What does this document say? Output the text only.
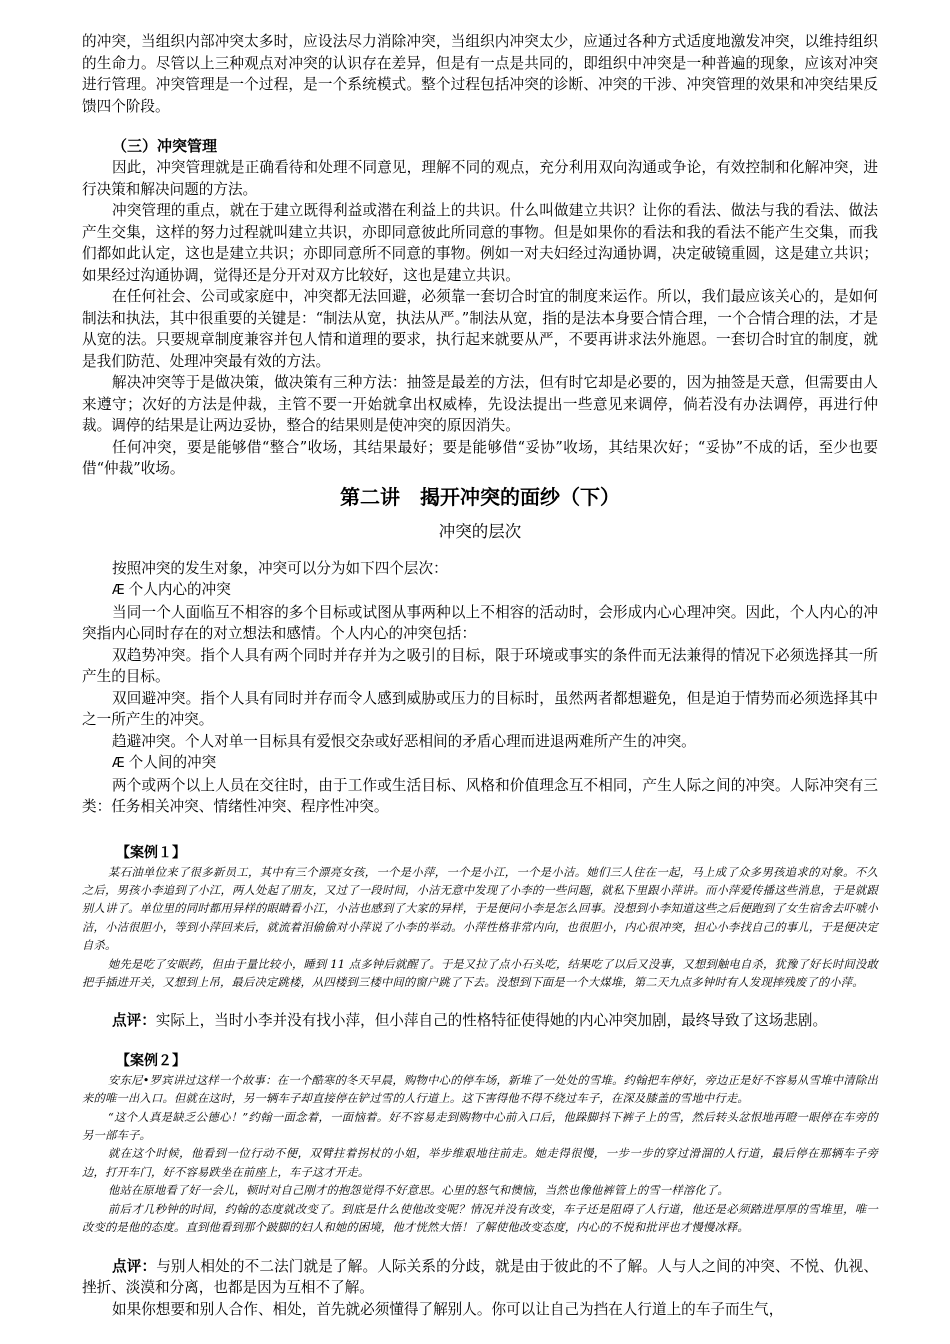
的冲突，当组织内部冲突太多时，应设法尽力消除冲突，当组织内冲突太少，应通过各种方式适度地激发冲突，以维持组织的生命力。尽管以上三种观点对冲突的认识存在差异，但是有一点是共同的，即组织中冲突是一种普遍的现象，应该对冲突进行管理。冲突管理是一个过程，是一个系统模式。整个过程包括冲突的诊断、冲突的干涉、冲突管理的效果和冲突结果反馈四个阶段。

（三）冲突管理

因此，冲突管理就是正确看待和处理不同意见，理解不同的观点，充分利用双向沟通或争论，有效控制和化解冲突，进行决策和解决问题的方法。

冲突管理的重点，就在于建立既得利益或潜在利益上的共识。什么叫做建立共识？让你的看法、做法与我的看法、做法产生交集，这样的努力过程就叫建立共识，亦即同意彼此所同意的事物。但是如果你的看法和我的看法不能产生交集，而我们都如此认定，这也是建立共识；亦即同意所不同意的事物。例如一对夫妇经过沟通协调，决定破镜重圆，这是建立共识；如果经过沟通协调，觉得还是分开对双方比较好，这也是建立共识。

在任何社会、公司或家庭中，冲突都无法回避，必须靠一套切合时宜的制度来运作。所以，我们最应该关心的，是如何制法和执法，其中很重要的关键是：“制法从宽，执法从严。”制法从宽，指的是法本身要合情合理，一个合情合理的法，才是从宽的法。只要规章制度兼容并包人情和道理的要求，执行起来就要从严，不要再讲求法外施恩。一套切合时宜的制度，就是我们防范、处理冲突最有效的方法。

解决冲突等于是做决策，做决策有三种方法：抽签是最差的方法，但有时它却是必要的，因为抽签是天意，但需要由人来遵守；次好的方法是仲裁，主管不要一开始就拿出权威棒，先设法提出一些意见来调停，倘若没有办法调停，再进行仲裁。调停的结果是让两边妥协，整合的结果则是使冲突的原因消失。

任何冲突，要是能够借“整合”收场，其结果最好；要是能够借“妥协”收场，其结果次好；“妥协”不成的话，至少也要借“仲裁”收场。

第二讲　揭开冲突的面纱（下）
冲突的层次

按照冲突的发生对象，冲突可以分为如下四个层次：

Æ 个人内心的冲突

当同一个人面临互不相容的多个目标或试图从事两种以上不相容的活动时，会形成内心心理冲突。因此，个人内心的冲突指内心同时存在的对立想法和感情。个人内心的冲突包括：

双趋势冲突。指个人具有两个同时并存并为之吸引的目标，限于环境或事实的条件而无法兼得的情况下必须选择其一所产生的目标。

双回避冲突。指个人具有同时并存而令人感到威胁或压力的目标时，虽然两者都想避免，但是迫于情势而必须选择其中之一所产生的冲突。

趋避冲突。个人对单一目标具有爱恨交杂或好恶相间的矛盾心理而进退两难所产生的冲突。

Æ 个人间的冲突

两个或两个以上人员在交往时，由于工作或生活目标、风格和价值理念互不相同，产生人际之间的冲突。人际冲突有三类：任务相关冲突、情绪性冲突、程序性冲突。

【案例１】

某石油单位来了很多新员工，其中有三个漂亮女孩，一个是小萍，一个是小江，一个是小洁。她们三人住在一起，马上成了众多男孩追求的对象。不久之后，男孩小李追到了小江，两人处起了朋友，又过了一段时间，小洁无意中发现了小李的一些问题，就私下里跟小萍讲。而小萍爱传播这些消息，于是就跟别人讲了。单位里的同时都用异样的眼睛看小江，小洁也感到了大家的异样，于是便问小李是怎么回事。没想到小李知道这些之后便跑到了女生宿舍去吓唬小洁，小洁很胆小，等到小萍回来后，就流着泪偷偷对小萍说了小李的举动。小萍性格非常内向，也很胆小，内心很冲突，担心小李找自己的事儿，于是便决定自杀。

她先是吃了安眠药，但由于量比较小，睡到 11 点多钟后就醒了。于是又拉了点小石头吃，结果吃了以后又没事，又想到触电自杀，犹豫了好长时间没敢把手插进开关，又想到上吊，最后决定跳楼，从四楼到三楼中间的窗户跳了下去。没想到下面是一个大煤堆，第二天九点多钟时有人发现摔残废了的小萍。

点评：实际上，当时小李并没有找小萍，但小萍自己的性格特征使得她的内心冲突加剧，最终导致了这场悲剧。

【案例２】

安东尼•罗宾讲过这样一个故事：在一个酷寒的冬天早晨，购物中心的停车场，新堆了一处处的雪堆。约翰把车停好，旁边正是好不容易从雪堆中清除出来的唯一出入口。但就在这时，另一辆车子却直接停在铲过雪的人行道上。这下害得他不得不绕过车子，在深及膝盖的雪地中行走。

“这个人真是缺乏公德心！”约翰一面念着，一面恼着。好不容易走到购物中心前入口后，他跺脚抖下裤子上的雪，然后转头忿恨地再瞪一眼停在车旁的另一部车子。

就在这个时候，他看到一位行动不便，双臂拄着拐杖的小姐，举步维艰地往前走。她走得很慢，一步一步的穿过滑溜的人行道，最后停在那辆车子旁边，打开车门，好不容易跌坐在前座上，车子这才开走。

他站在原地看了好一会儿，顿时对自己刚才的抱怨觉得不好意思。心里的怒气和懊恼，当然也像他裤管上的雪一样溶化了。

前后才几秒钟的时间，约翰的态度就改变了。到底是什么使他改变呢？情况并没有改变，车子还是阻碍了人行道，他还是必须踏进厚厚的雪堆里，唯一改变的是他的态度。直到他看到那个跛脚的妇人和她的困境，他才恍然大悟！了解使他改变态度，内心的不悦和批评也才慢慢冰释。

点评：与别人相处的不二法门就是了解。人际关系的分歧，就是由于彼此的不了解。人与人之间的冲突、不悦、仇视、挫折、淡漠和分离，也都是因为互相不了解。

如果你想要和别人合作、相处，首先就必须懂得了解别人。你可以让自己为挡在人行道上的车子而生气，
